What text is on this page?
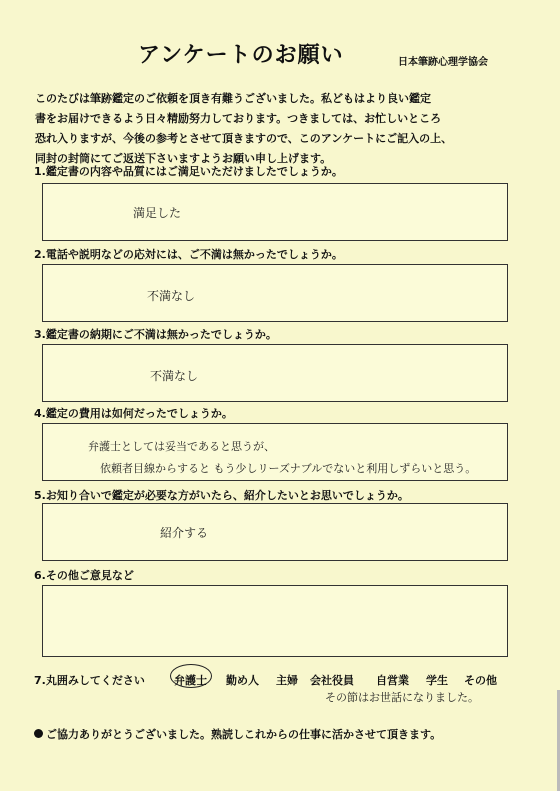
アンケートのお願い	日本筆跡心理学協会

このたびは筆跡鑑定のご依頼を頂き有難うございました。私どもはより良い鑑定

書をお届けできるよう日々精励努力しております。つきましては、お忙しいところ

恐れ入りますが、今後の参考とさせて頂きますので、このアンケートにご記入の上、

同封の封筒にてご返送下さいますようお願い申し上げます。

1.鑑定書の内容や品質にはご満足いただけましたでしょうか。
満足した
2.電話や説明などの応対には、ご不満は無かったでしょうか。
不満なし
3.鑑定書の納期にご不満は無かったでしょうか。
不満なし
4.鑑定の費用は如何だったでしょうか。
弁護士としては妥当であると思うが、
依頼者目線からすると もう少しリーズナブルでないと利用しずらいと思う。
5.お知り合いで鑑定が必要な方がいたら、紹介したいとお思いでしょうか。
紹介する
6.その他ご意見など
7.丸囲みしてください	弁護士 勤め人 主婦 会社役員 自営業 学生 その他
その節はお世話になりました。
ご協力ありがとうございました。熟読しこれからの仕事に活かさせて頂きます。
